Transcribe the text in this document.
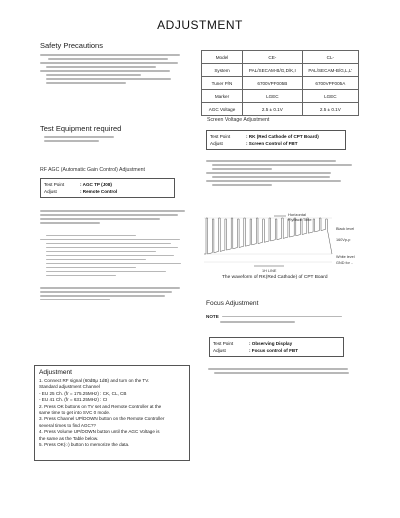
ADJUSTMENT
Safety Precautions
Test Equipment required
RF AGC (Automatic Gain Control) Adjustment
Test Point	: AGC TP (J08)
Adjust	: Remote Control
Adjustment
1. Connect RF signal (60dBμ 1dB) and turn on the TV.
Standard adjustment Channel
- EU 25 Ch. (fr = 175.25MHz) : CK, CL, CB
- EU 41 Ch. (fr = 631.25MHz) : CI
2. Press OK buttons on TV set and Remote Controller at the
same time to get into SVC 0 mode.
3. Press Channel UP/DOWN button on the Remote Controller
several times to find AGC??
4. Press Volume UP/DOWN button until the AGC Voltage is
the same as the Table below.
5. Press OK(○) button to memorize the data.
Model	CE-	CL-
System	PAL/SECAM-B/G,D/K,I	PAL/SECAM-B/G,L,L'
Tuner P/N	6700VPF005B	6700VPF005A
Marker	LGEC	LGEC
AGC Voltage	2.5 ± 0.1V	2.5 ± 0.1V
Screen Voltage Adjustment
Test Point	: RK (Red Cathode of CPT Board)
Adjust	: Screen Control of FBT
Horizontal
Flyback Time
Black level
160Vp-p
White level
GND for ..
1H LINE
The waveform of RK(Red Cathode) of CPT Board
Focus Adjustment
NOTE
Test Point	: Observing Display
Adjust	: Focus control of FBT
